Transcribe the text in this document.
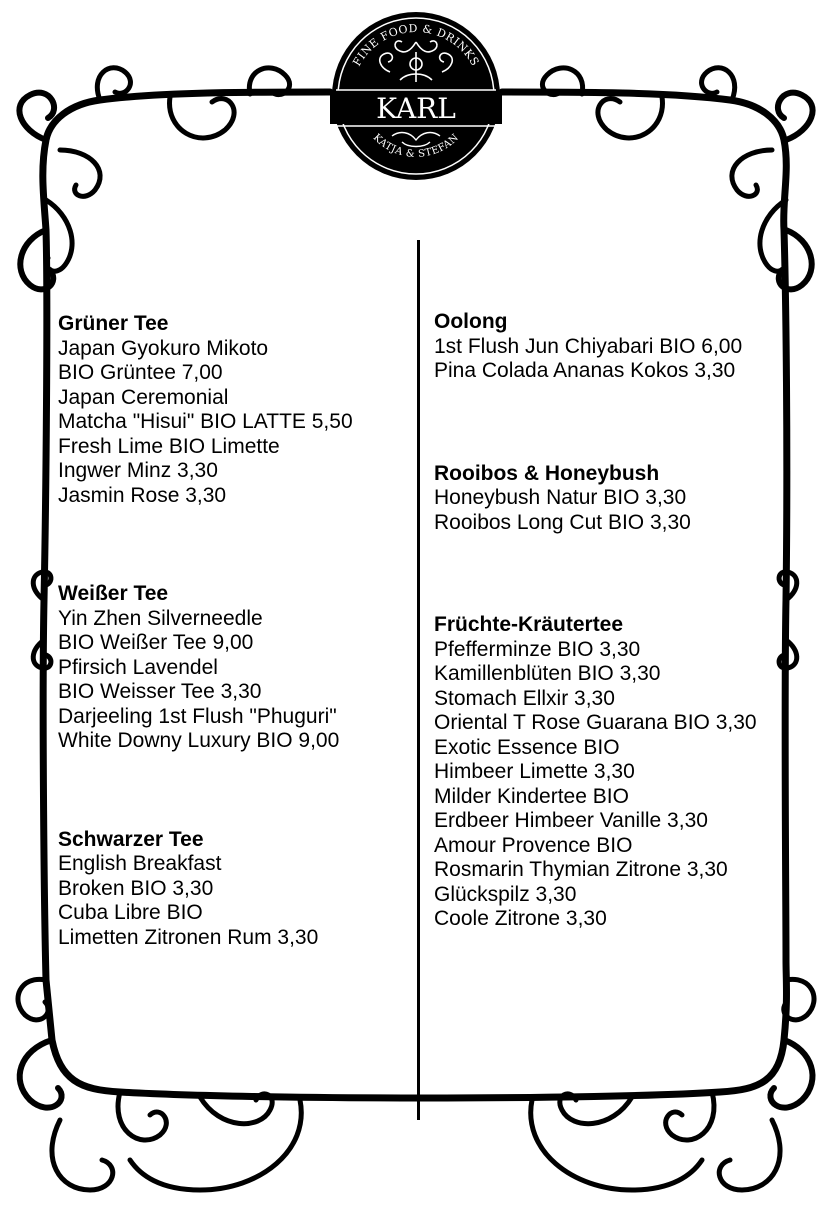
FINE FOOD & DRINKS
KARL
KATJA & STEFAN
Grüner Tee
Japan Gyokuro Mikoto
BIO Grüntee 7,00
Japan Ceremonial
Matcha "Hisui" BIO LATTE 5,50
Fresh Lime BIO Limette
Ingwer Minz 3,30
Jasmin Rose 3,30
Weißer Tee
Yin Zhen Silverneedle
BIO Weißer Tee 9,00
Pfirsich Lavendel
BIO Weisser Tee 3,30
Darjeeling 1st Flush "Phuguri"
White Downy Luxury BIO 9,00
Schwarzer Tee
English Breakfast
Broken BIO 3,30
Cuba Libre BIO
Limetten Zitronen Rum 3,30
Oolong
1st Flush Jun Chiyabari BIO 6,00
Pina Colada Ananas Kokos 3,30
Rooibos & Honeybush
Honeybush Natur BIO 3,30
Rooibos Long Cut BIO 3,30
Früchte-Kräutertee
Pfefferminze BIO 3,30
Kamillenblüten BIO 3,30
Stomach Ellxir 3,30
Oriental T Rose Guarana BIO 3,30
Exotic Essence BIO
Himbeer Limette 3,30
Milder Kindertee BIO
Erdbeer Himbeer Vanille 3,30
Amour Provence BIO
Rosmarin Thymian Zitrone 3,30
Glückspilz 3,30
Coole Zitrone 3,30
